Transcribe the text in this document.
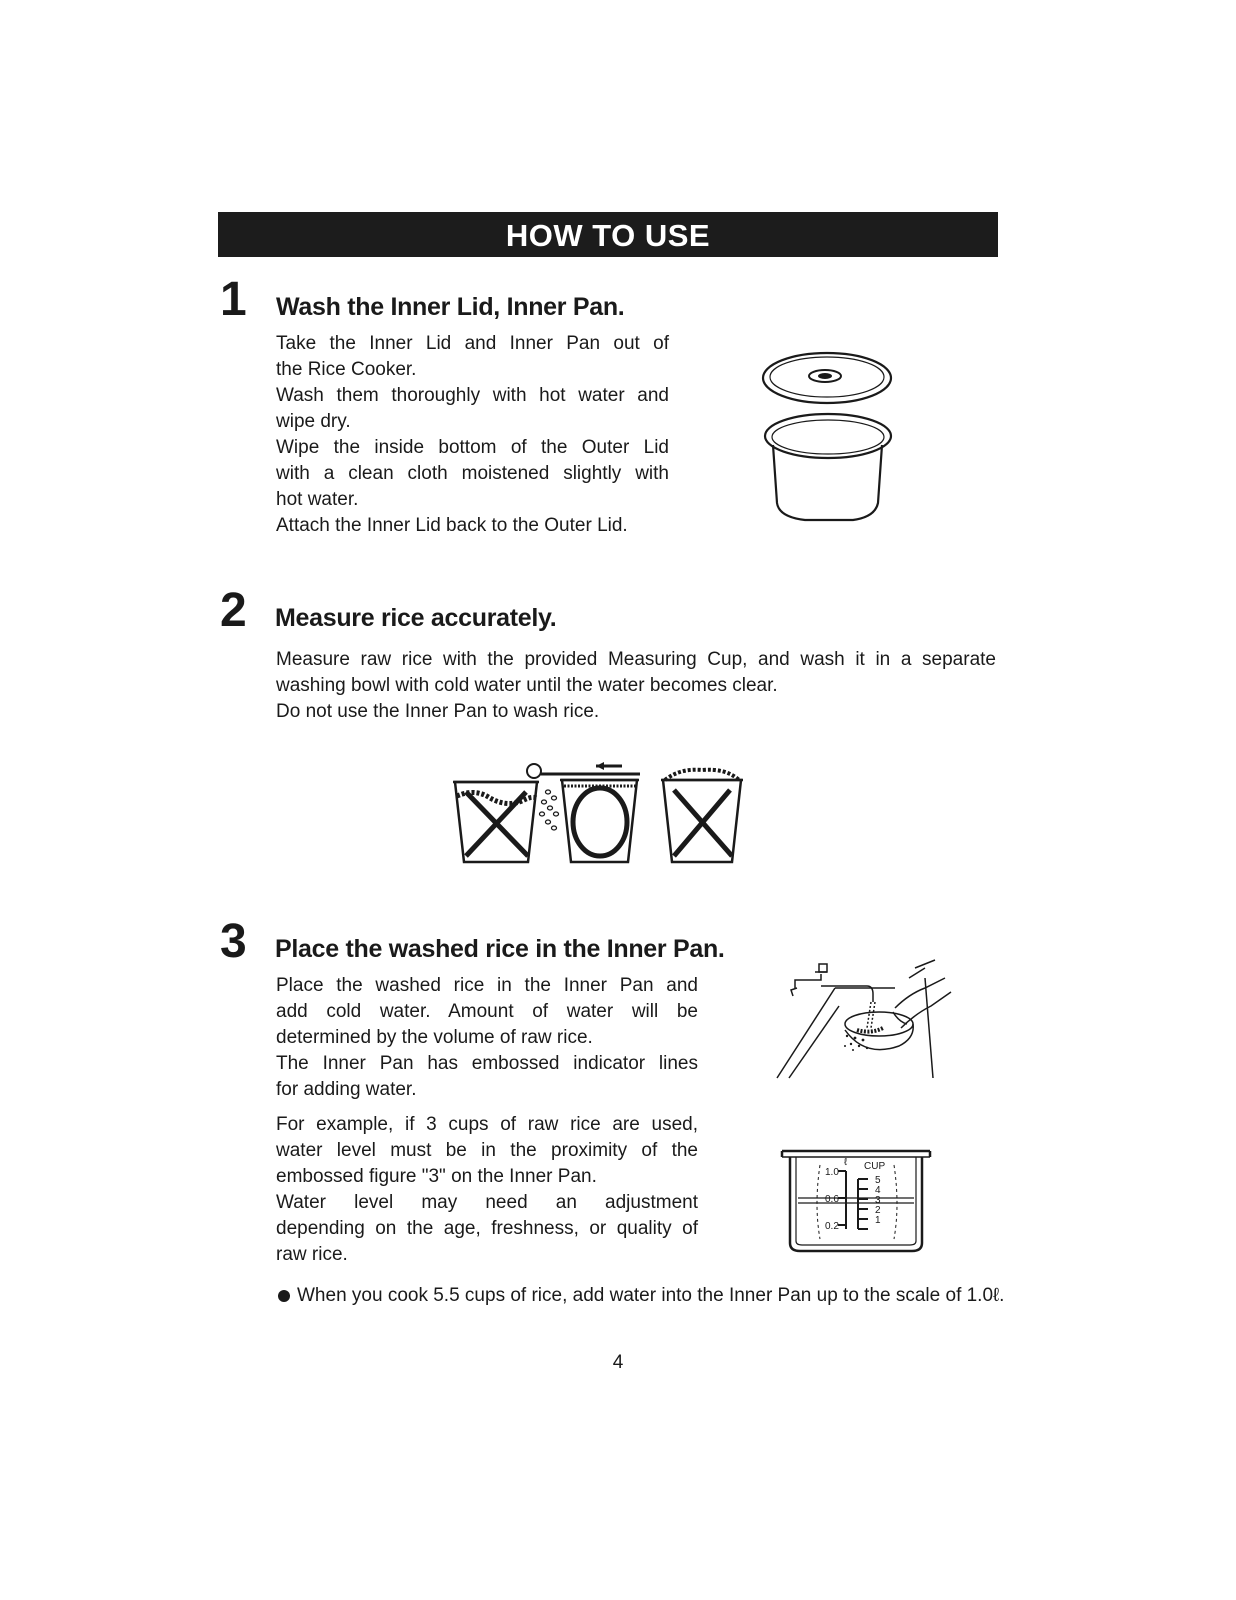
HOW TO USE
1 Wash the Inner Lid, Inner Pan.
Take the Inner Lid and Inner Pan out of
the Rice Cooker.
Wash them thoroughly with hot water and
wipe dry.
Wipe the inside bottom of the Outer Lid
with a clean cloth moistened slightly with
hot water.
Attach the Inner Lid back to the Outer Lid.
2 Measure rice accurately.
Measure raw rice with the provided Measuring Cup, and wash it in a separate
washing bowl with cold water until the water becomes clear.
Do not use the Inner Pan to wash rice.
3 Place the washed rice in the Inner Pan.
Place the washed rice in the Inner Pan and
add cold water. Amount of water will be
determined by the volume of raw rice.
The Inner Pan has embossed indicator lines
for adding water.
For example, if 3 cups of raw rice are used,
water level must be in the proximity of the
embossed figure "3" on the Inner Pan.
Water level may need an adjustment
depending on the age, freshness, or quality of
raw rice.
ℓ CUP
1.0
0.6
0.2
5
4
3
2
1
When you cook 5.5 cups of rice, add water into the Inner Pan up to the scale of 1.0ℓ.
4
